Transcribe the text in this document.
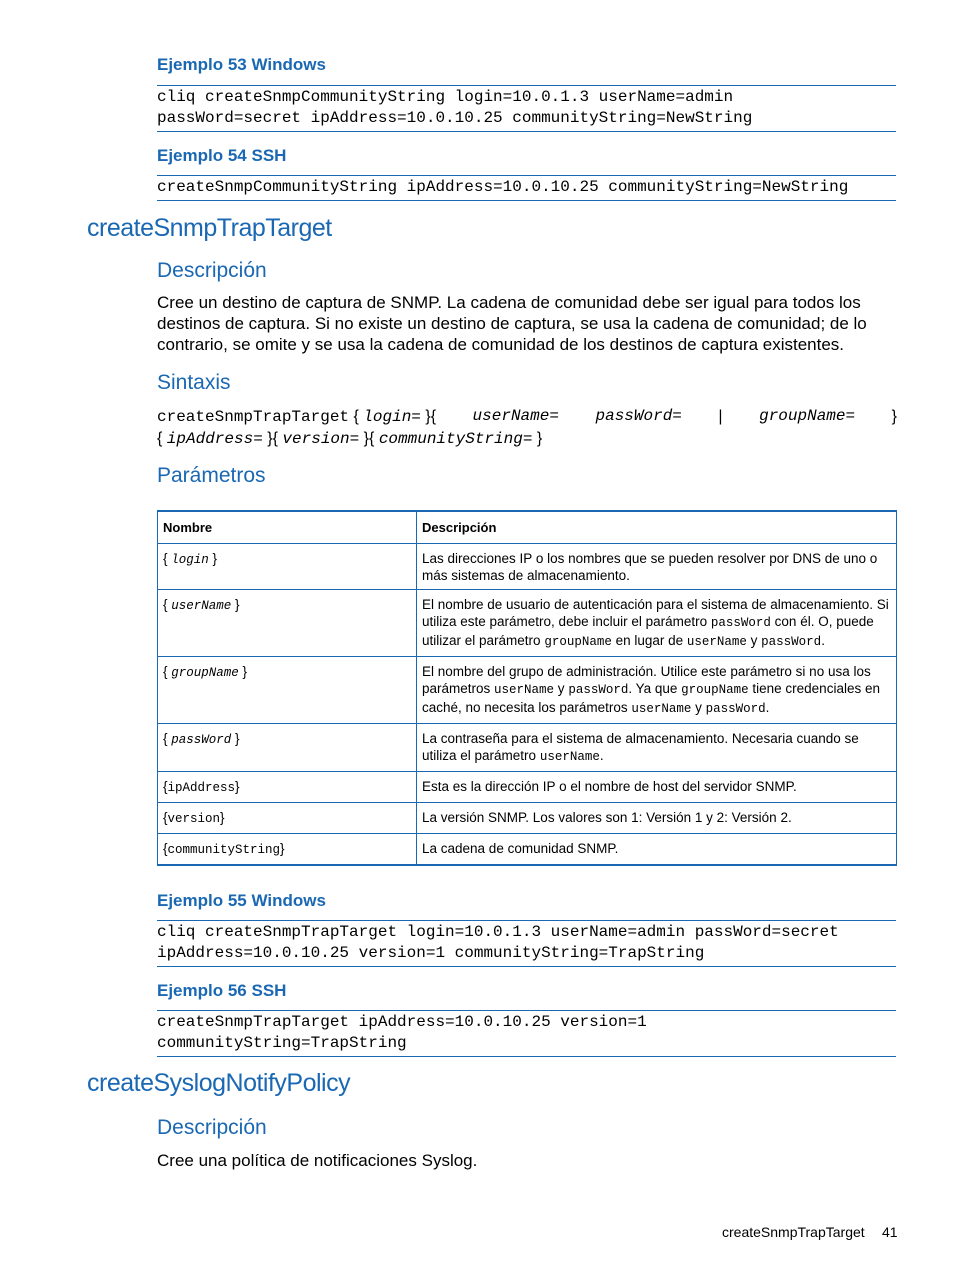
Ejemplo 53 Windows
cliq createSnmpCommunityString login=10.0.1.3 userName=admin
passWord=secret ipAddress=10.0.10.25 communityString=NewString
Ejemplo 54 SSH
createSnmpCommunityString ipAddress=10.0.10.25 communityString=NewString
createSnmpTrapTarget
Descripción
Cree un destino de captura de SNMP. La cadena de comunidad debe ser igual para todos los destinos de captura. Si no existe un destino de captura, se usa la cadena de comunidad; de lo contrario, se omite y se usa la cadena de comunidad de los destinos de captura existentes.
Sintaxis
createSnmpTrapTarget { login= }{ userName= passWord= | groupName= }
{ ipAddress= }{ version= }{ communityString= }
Parámetros
Nombre	Descripción
{ login }	Las direcciones IP o los nombres que se pueden resolver por DNS de uno o más sistemas de almacenamiento.
{ userName }	El nombre de usuario de autenticación para el sistema de almacenamiento. Si utiliza este parámetro, debe incluir el parámetro passWord con él. O, puede utilizar el parámetro groupName en lugar de userName y passWord.
{ groupName }	El nombre del grupo de administración. Utilice este parámetro si no usa los parámetros userName y passWord. Ya que groupName tiene credenciales en caché, no necesita los parámetros userName y passWord.
{ passWord }	La contraseña para el sistema de almacenamiento. Necesaria cuando se utiliza el parámetro userName.
{ipAddress}	Esta es la dirección IP o el nombre de host del servidor SNMP.
{version}	La versión SNMP. Los valores son 1: Versión 1 y 2: Versión 2.
{communityString}	La cadena de comunidad SNMP.
Ejemplo 55 Windows
cliq createSnmpTrapTarget login=10.0.1.3 userName=admin passWord=secret
ipAddress=10.0.10.25 version=1 communityString=TrapString
Ejemplo 56 SSH
createSnmpTrapTarget ipAddress=10.0.10.25 version=1
communityString=TrapString
createSyslogNotifyPolicy
Descripción
Cree una política de notificaciones Syslog.
createSnmpTrapTarget 41
